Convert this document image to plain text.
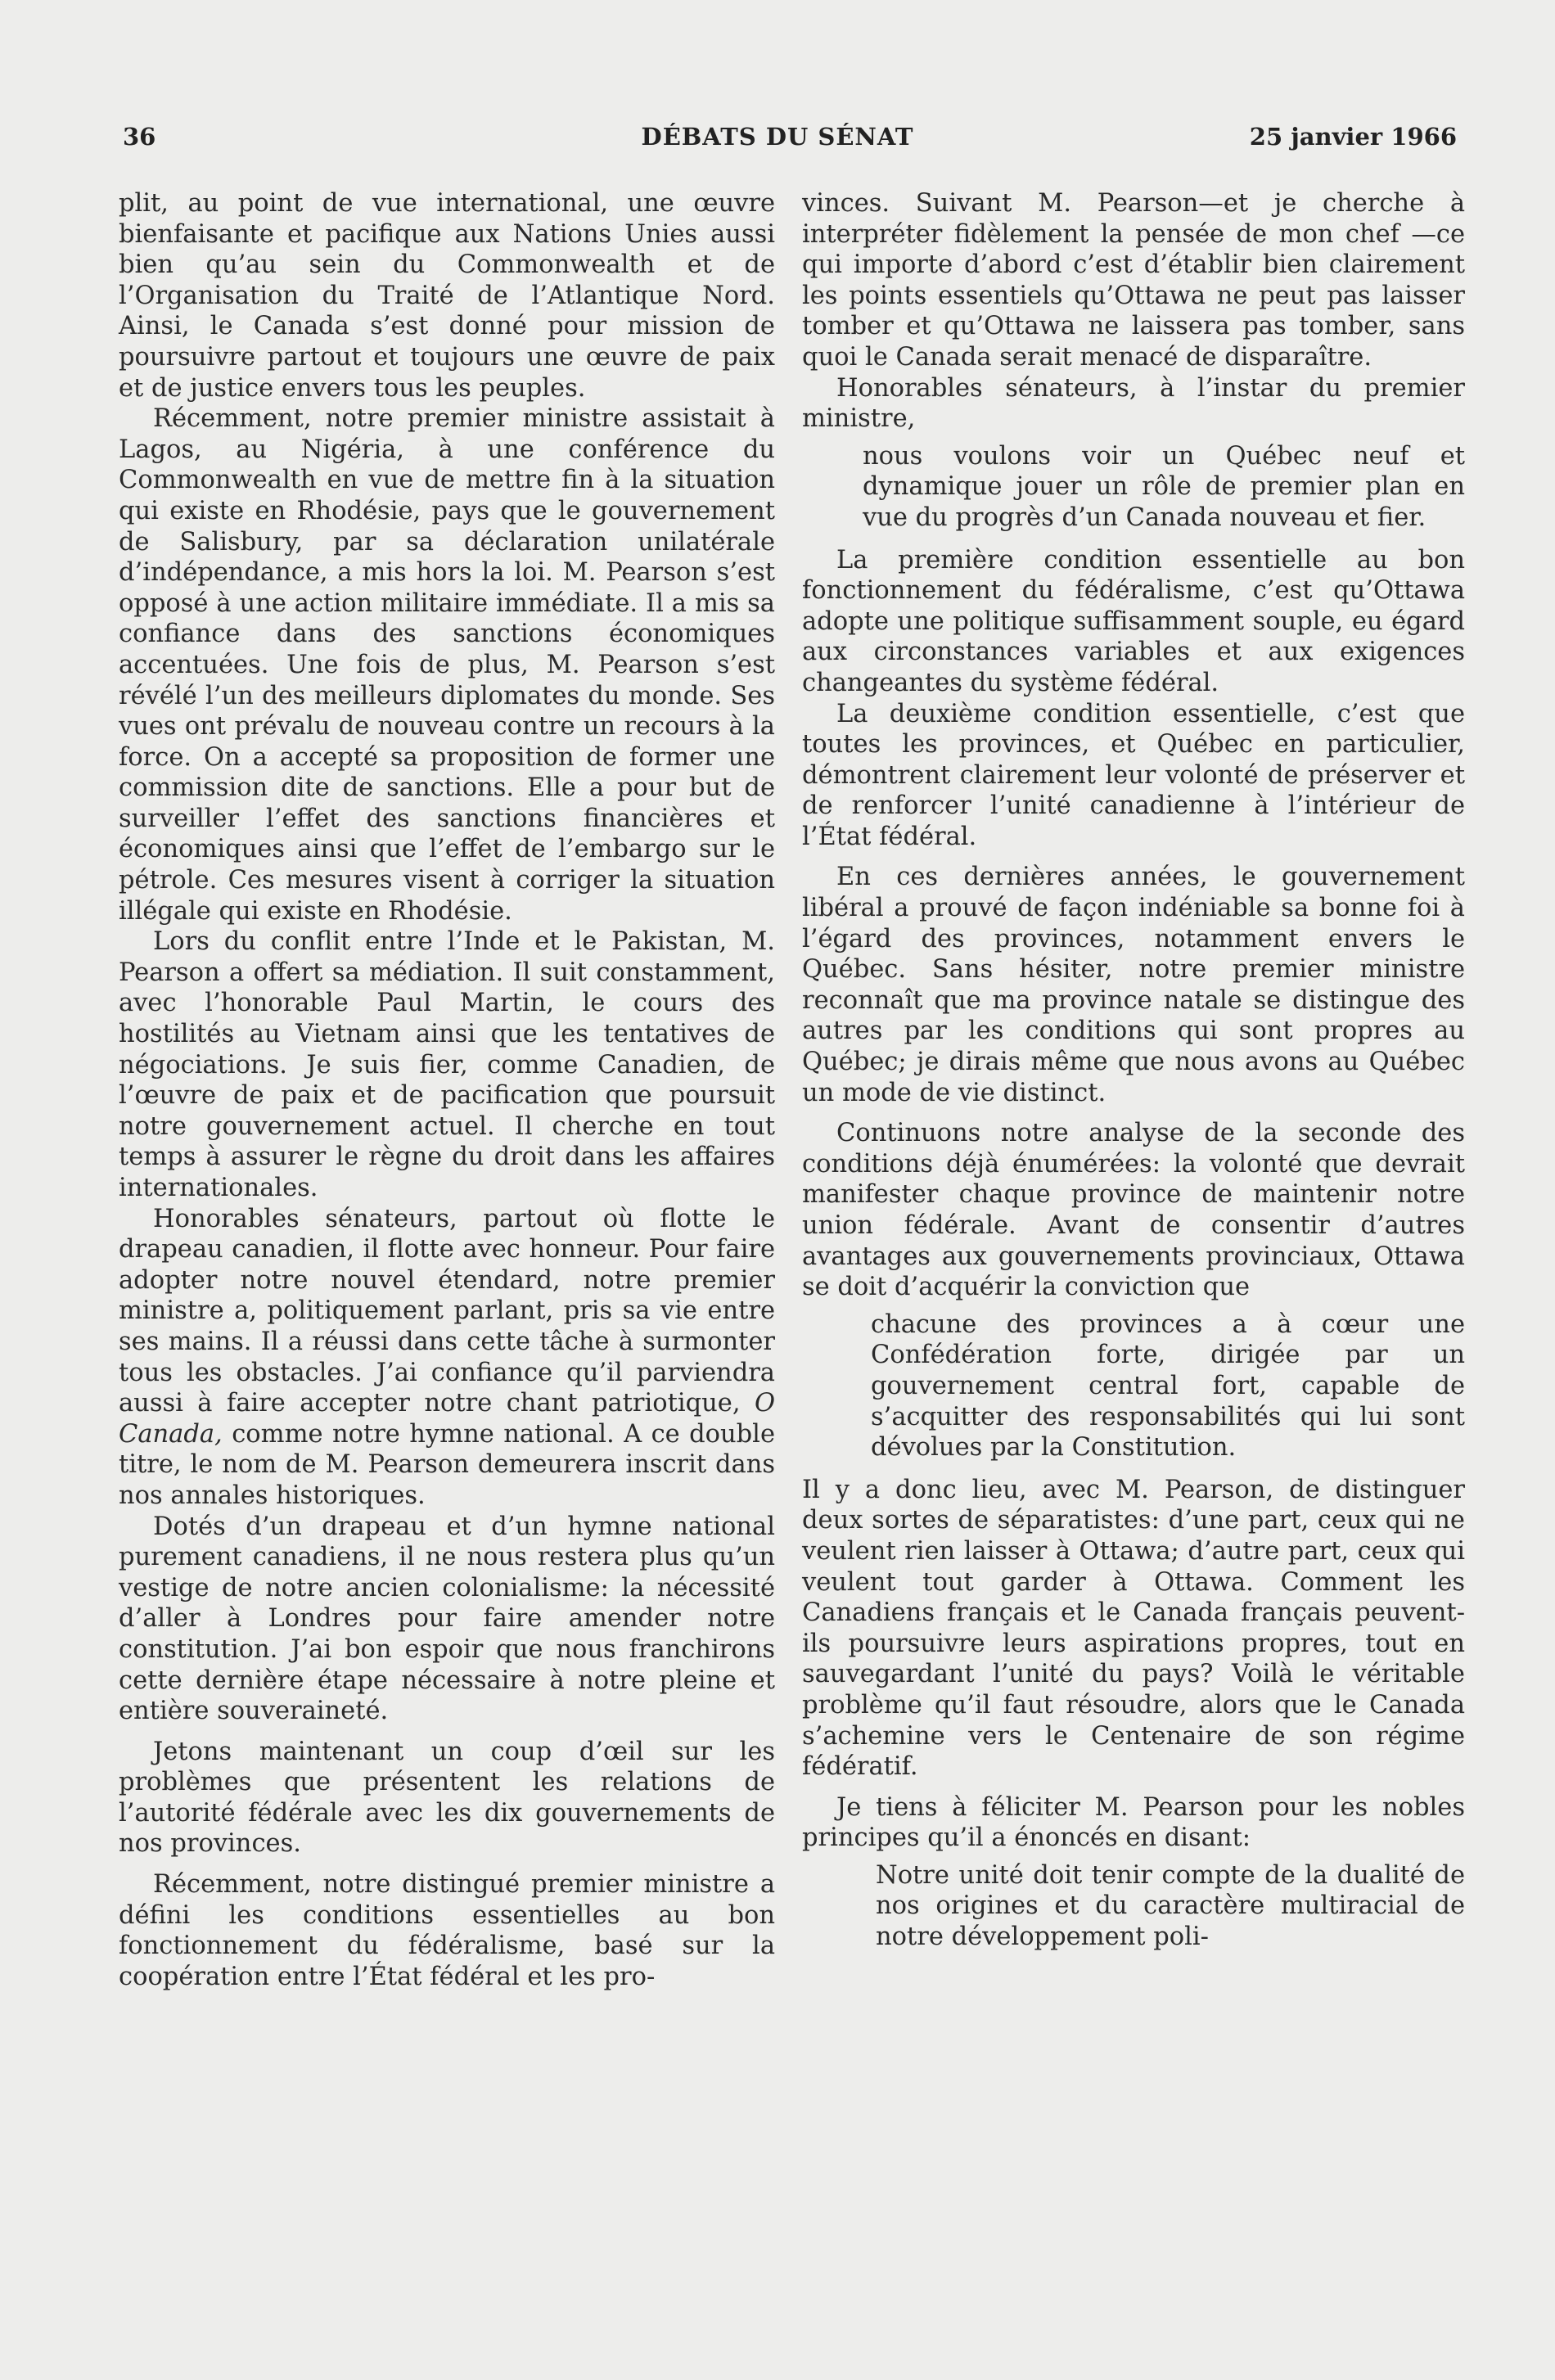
36	DÉBATS DU SÉNAT	25 janvier 1966

plit, au point de vue international, une œuvre bienfaisante et pacifique aux Nations Unies aussi bien qu’au sein du Commonwealth et de l’Organisation du Traité de l’Atlantique Nord. Ainsi, le Canada s’est donné pour mission de poursuivre partout et toujours une œuvre de paix et de justice envers tous les peuples.

Récemment, notre premier ministre assistait à Lagos, au Nigéria, à une conférence du Commonwealth en vue de mettre fin à la situation qui existe en Rhodésie, pays que le gouvernement de Salisbury, par sa déclaration unilatérale d’indépendance, a mis hors la loi. M. Pearson s’est opposé à une action militaire immédiate. Il a mis sa confiance dans des sanctions économiques accentuées. Une fois de plus, M. Pearson s’est révélé l’un des meilleurs diplomates du monde. Ses vues ont prévalu de nouveau contre un recours à la force. On a accepté sa proposition de former une commission dite de sanctions. Elle a pour but de surveiller l’effet des sanctions financières et économiques ainsi que l’effet de l’embargo sur le pétrole. Ces mesures visent à corriger la situation illégale qui existe en Rhodésie.

Lors du conflit entre l’Inde et le Pakistan, M. Pearson a offert sa médiation. Il suit constamment, avec l’honorable Paul Martin, le cours des hostilités au Vietnam ainsi que les tentatives de négociations. Je suis fier, comme Canadien, de l’œuvre de paix et de pacification que poursuit notre gouvernement actuel. Il cherche en tout temps à assurer le règne du droit dans les affaires internationales.

Honorables sénateurs, partout où flotte le drapeau canadien, il flotte avec honneur. Pour faire adopter notre nouvel étendard, notre premier ministre a, politiquement parlant, pris sa vie entre ses mains. Il a réussi dans cette tâche à surmonter tous les obstacles. J’ai confiance qu’il parviendra aussi à faire accepter notre chant patriotique, O Canada, comme notre hymne national. A ce double titre, le nom de M. Pearson demeurera inscrit dans nos annales historiques.

Dotés d’un drapeau et d’un hymne national purement canadiens, il ne nous restera plus qu’un vestige de notre ancien colonialisme: la nécessité d’aller à Londres pour faire amender notre constitution. J’ai bon espoir que nous franchirons cette dernière étape nécessaire à notre pleine et entière souveraineté.

Jetons maintenant un coup d’œil sur les problèmes que présentent les relations de l’autorité fédérale avec les dix gouvernements de nos provinces.

Récemment, notre distingué premier ministre a défini les conditions essentielles au bon fonctionnement du fédéralisme, basé sur la coopération entre l’État fédéral et les pro-

vinces. Suivant M. Pearson—et je cherche à interpréter fidèlement la pensée de mon chef —ce qui importe d’abord c’est d’établir bien clairement les points essentiels qu’Ottawa ne peut pas laisser tomber et qu’Ottawa ne laissera pas tomber, sans quoi le Canada serait menacé de disparaître.

Honorables sénateurs, à l’instar du premier ministre,

nous voulons voir un Québec neuf et dynamique jouer un rôle de premier plan en vue du progrès d’un Canada nouveau et fier.

La première condition essentielle au bon fonctionnement du fédéralisme, c’est qu’Ottawa adopte une politique suffisamment souple, eu égard aux circonstances variables et aux exigences changeantes du système fédéral.

La deuxième condition essentielle, c’est que toutes les provinces, et Québec en particulier, démontrent clairement leur volonté de préserver et de renforcer l’unité canadienne à l’intérieur de l’État fédéral.

En ces dernières années, le gouvernement libéral a prouvé de façon indéniable sa bonne foi à l’égard des provinces, notamment envers le Québec. Sans hésiter, notre premier ministre reconnaît que ma province natale se distingue des autres par les conditions qui sont propres au Québec; je dirais même que nous avons au Québec un mode de vie distinct.

Continuons notre analyse de la seconde des conditions déjà énumérées: la volonté que devrait manifester chaque province de maintenir notre union fédérale. Avant de consentir d’autres avantages aux gouvernements provinciaux, Ottawa se doit d’acquérir la conviction que

chacune des provinces a à cœur une Confédération forte, dirigée par un gouvernement central fort, capable de s’acquitter des responsabilités qui lui sont dévolues par la Constitution.

Il y a donc lieu, avec M. Pearson, de distinguer deux sortes de séparatistes: d’une part, ceux qui ne veulent rien laisser à Ottawa; d’autre part, ceux qui veulent tout garder à Ottawa. Comment les Canadiens français et le Canada français peuvent-ils poursuivre leurs aspirations propres, tout en sauvegardant l’unité du pays? Voilà le véritable problème qu’il faut résoudre, alors que le Canada s’achemine vers le Centenaire de son régime fédératif.

Je tiens à féliciter M. Pearson pour les nobles principes qu’il a énoncés en disant:

Notre unité doit tenir compte de la dualité de nos origines et du caractère multiracial de notre développement poli-
